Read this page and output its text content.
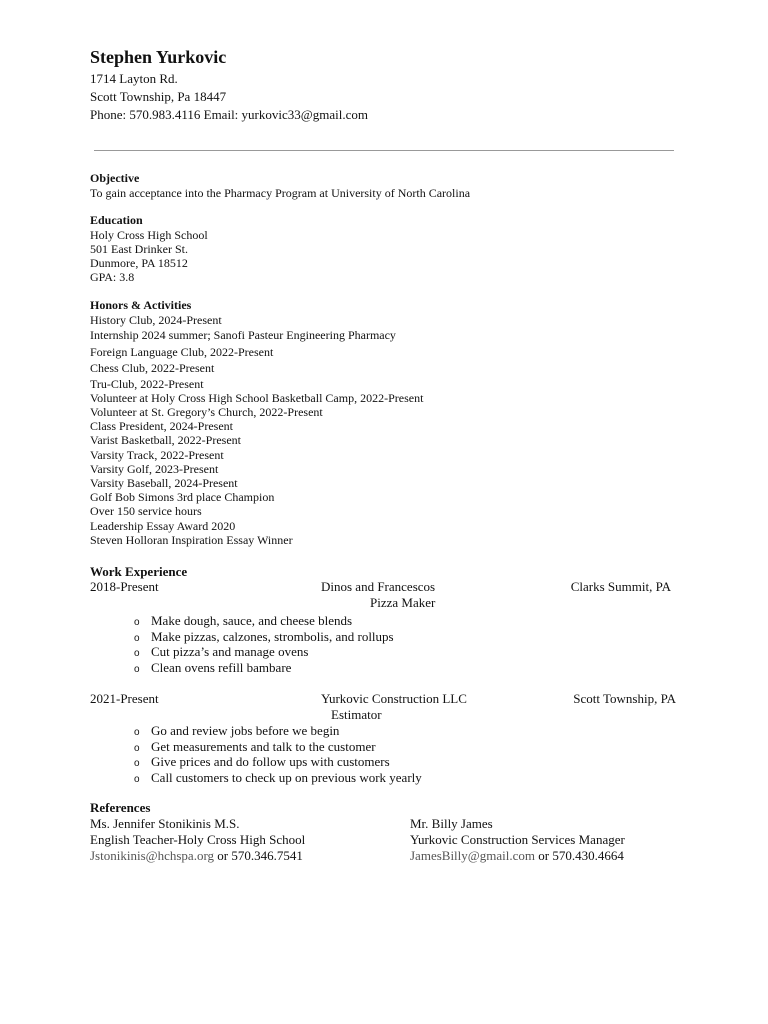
Stephen Yurkovic
1714 Layton Rd.
Scott Township, Pa 18447
Phone: 570.983.4116 Email: yurkovic33@gmail.com
Objective
To gain acceptance into the Pharmacy Program at University of North Carolina
Education
Holy Cross High School
501 East Drinker St.
Dunmore, PA 18512
GPA: 3.8
Honors & Activities
History Club, 2024-Present
Internship 2024 summer; Sanofi Pasteur Engineering Pharmacy
Foreign Language Club, 2022-Present
Chess Club, 2022-Present
Tru-Club, 2022-Present
Volunteer at Holy Cross High School Basketball Camp, 2022-Present
Volunteer at St. Gregory’s Church, 2022-Present
Class President, 2024-Present
Varist Basketball, 2022-Present
Varsity Track, 2022-Present
Varsity Golf, 2023-Present
Varsity Baseball, 2024-Present
Golf Bob Simons 3rd place Champion
Over 150 service hours
Leadership Essay Award 2020
Steven Holloran Inspiration Essay Winner
Work Experience
2018-Present	Dinos and Francescos	Clarks Summit, PA
Pizza Maker
o Make dough, sauce, and cheese blends
o Make pizzas, calzones, strombolis, and rollups
o Cut pizza’s and manage ovens
o Clean ovens refill bambare
2021-Present	Yurkovic Construction LLC	Scott Township, PA
Estimator
o Go and review jobs before we begin
o Get measurements and talk to the customer
o Give prices and do follow ups with customers
o Call customers to check up on previous work yearly
References
Ms. Jennifer Stonikinis M.S.
English Teacher-Holy Cross High School
Jstonikinis@hchspa.org or 570.346.7541
Mr. Billy James
Yurkovic Construction Services Manager
JamesBilly@gmail.com or 570.430.4664
